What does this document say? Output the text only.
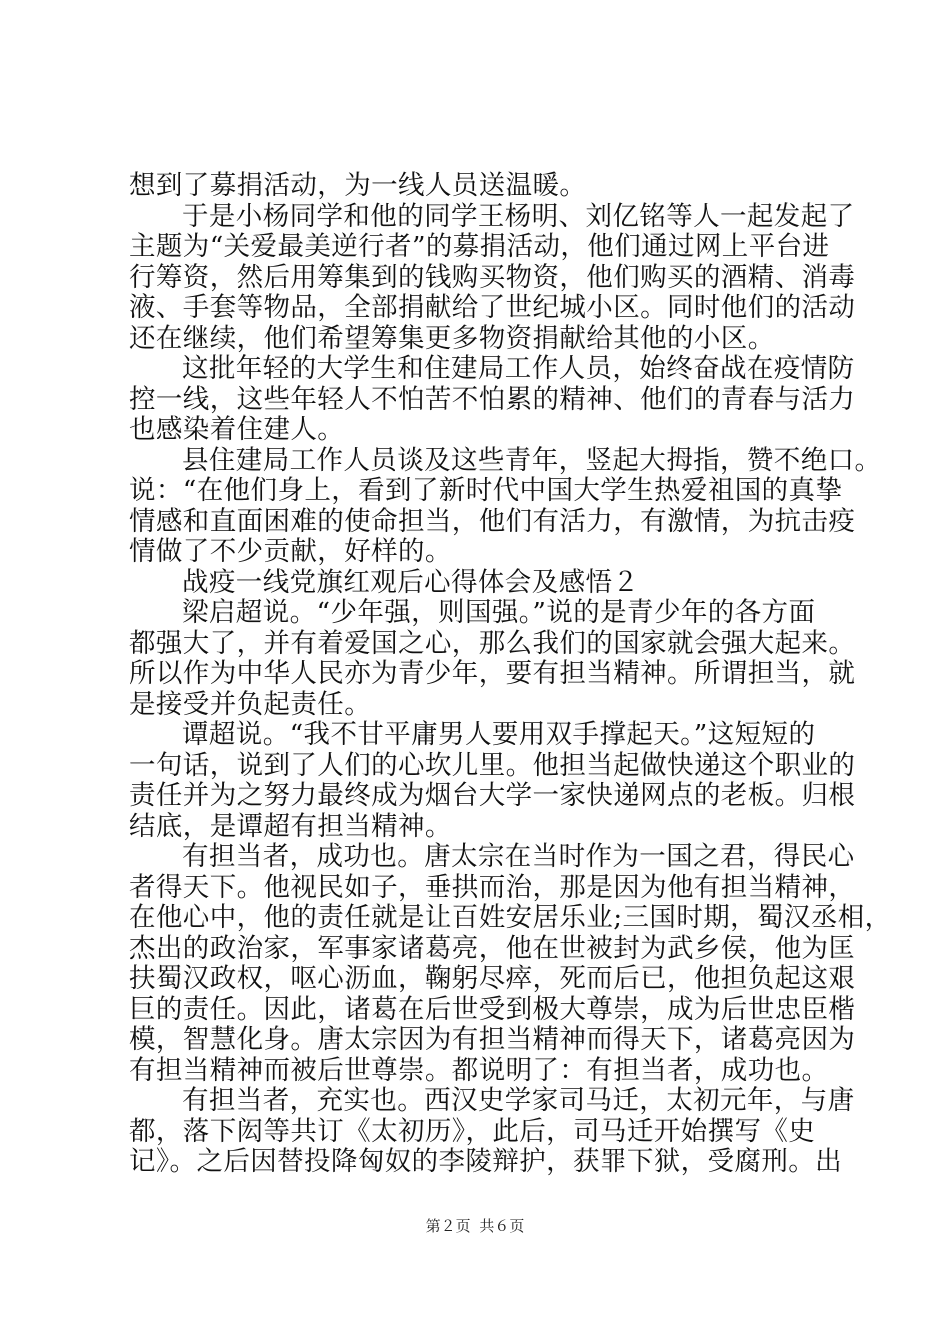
想到了募捐活动，为一线人员送温暖。
于是小杨同学和他的同学王杨明、刘亿铭等人一起发起了
主题为“关爱最美逆行者”的募捐活动，他们通过网上平台进
行筹资，然后用筹集到的钱购买物资，他们购买的酒精、消毒
液、手套等物品，全部捐献给了世纪城小区。同时他们的活动
还在继续，他们希望筹集更多物资捐献给其他的小区。
这批年轻的大学生和住建局工作人员，始终奋战在疫情防
控一线，这些年轻人不怕苦不怕累的精神、他们的青春与活力
也感染着住建人。
县住建局工作人员谈及这些青年，竖起大拇指，赞不绝口。
说：“在他们身上，看到了新时代中国大学生热爱祖国的真挚
情感和直面困难的使命担当，他们有活力，有激情，为抗击疫
情做了不少贡献，好样的。
战疫一线党旗红观后心得体会及感悟２
梁启超说。“少年强，则国强。”说的是青少年的各方面
都强大了，并有着爱国之心，那么我们的国家就会强大起来。
所以作为中华人民亦为青少年，要有担当精神。所谓担当，就
是接受并负起责任。
谭超说。“我不甘平庸男人要用双手撑起天。”这短短的
一句话，说到了人们的心坎儿里。他担当起做快递这个职业的
责任并为之努力最终成为烟台大学一家快递网点的老板。归根
结底，是谭超有担当精神。
有担当者，成功也。唐太宗在当时作为一国之君，得民心
者得天下。他视民如子，垂拱而治，那是因为他有担当精神，
在他心中，他的责任就是让百姓安居乐业;三国时期，蜀汉丞相，
杰出的政治家，军事家诸葛亮，他在世被封为武乡侯，他为匡
扶蜀汉政权，呕心沥血，鞠躬尽瘁，死而后已，他担负起这艰
巨的责任。因此，诸葛在后世受到极大尊崇，成为后世忠臣楷
模，智慧化身。唐太宗因为有担当精神而得天下，诸葛亮因为
有担当精神而被后世尊崇。都说明了：有担当者，成功也。
有担当者，充实也。西汉史学家司马迁，太初元年，与唐
都，落下闳等共订《太初历》，此后，司马迁开始撰写《史
记》。之后因替投降匈奴的李陵辩护，获罪下狱，受腐刑。出
第２页 共６页
